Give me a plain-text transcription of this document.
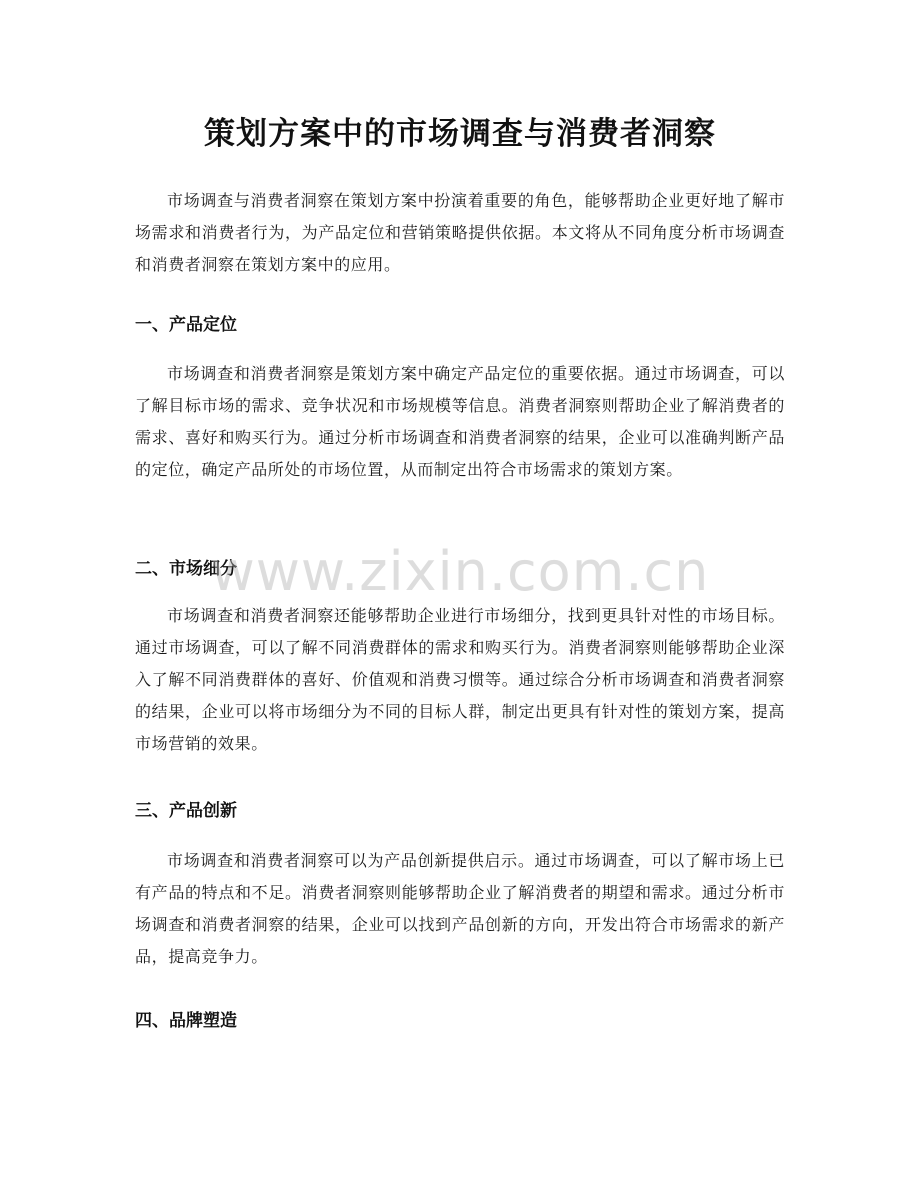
策划方案中的市场调查与消费者洞察

市场调查与消费者洞察在策划方案中扮演着重要的角色，能够帮助企业更好地了解市场需求和消费者行为，为产品定位和营销策略提供依据。本文将从不同角度分析市场调查和消费者洞察在策划方案中的应用。

一、产品定位

市场调查和消费者洞察是策划方案中确定产品定位的重要依据。通过市场调查，可以了解目标市场的需求、竞争状况和市场规模等信息。消费者洞察则帮助企业了解消费者的需求、喜好和购买行为。通过分析市场调查和消费者洞察的结果，企业可以准确判断产品的定位，确定产品所处的市场位置，从而制定出符合市场需求的策划方案。

二、市场细分

市场调查和消费者洞察还能够帮助企业进行市场细分，找到更具针对性的市场目标。通过市场调查，可以了解不同消费群体的需求和购买行为。消费者洞察则能够帮助企业深入了解不同消费群体的喜好、价值观和消费习惯等。通过综合分析市场调查和消费者洞察的结果，企业可以将市场细分为不同的目标人群，制定出更具有针对性的策划方案，提高市场营销的效果。

三、产品创新

市场调查和消费者洞察可以为产品创新提供启示。通过市场调查，可以了解市场上已有产品的特点和不足。消费者洞察则能够帮助企业了解消费者的期望和需求。通过分析市场调查和消费者洞察的结果，企业可以找到产品创新的方向，开发出符合市场需求的新产品，提高竞争力。

四、品牌塑造
www.zixin.com.cn
